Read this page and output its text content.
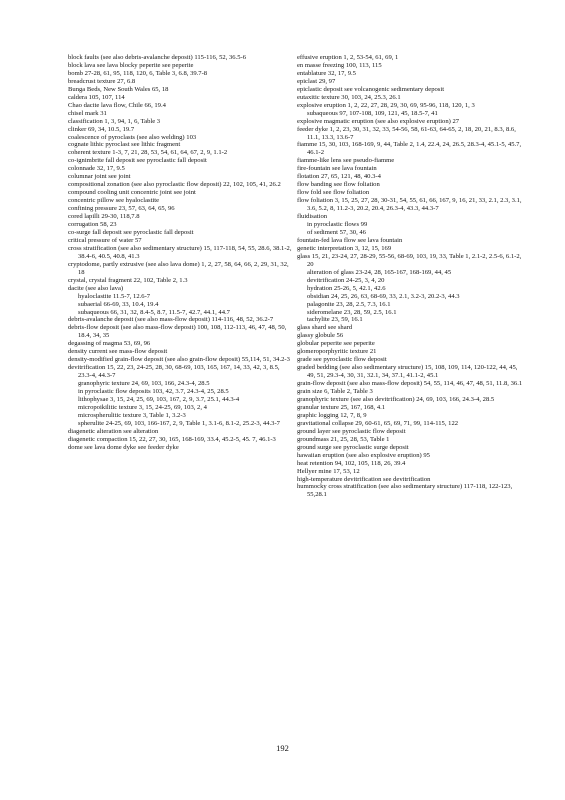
block faults (see also debris-avalanche deposit) 115-116, 52, 36.5-6

block lava see lava blocky peperite see peperite

bomb 27-28, 61, 95, 118, 120, 6, Table 3, 6.8, 39.7-8

breadcrust texture 27, 6.8

Bunga Beds, New South Wales 65, 18

caldera 105, 107, 114

Chao dacite lava flow, Chile 66, 19.4

chisel mark 31

classification 1, 3, 94, 1, 6, Table 3

clinker 69, 34, 10.5, 19.7

coalescence of pyroclasts (see also welding) 103

cognate lithic pyroclast see lithic fragment

coherent texture 1-3, 7, 21, 28, 53, 54, 61, 64, 67, 2, 9, 1.1-2

co-ignimbrite fall deposit see pyroclastic fall deposit

colonnade 32, 17, 9.5

columnar joint see joint

compositional zonation (see also pyroclastic flow deposit) 22, 102, 105, 41, 26.2

compound cooling unit concentric joint see joint

concentric pillow see hyaloclastite

confining pressure 23, 57, 63, 64, 65, 96

cored lapilli 29-30, 118,7.8

corrugation 58, 23

co-surge fall deposit see pyroclastic fall deposit

critical pressure of water 57

cross stratification (see also sedimentary structure) 15, 117-118, 54, 55, 28.6, 38.1-2, 38.4-6, 40.5, 40.8, 41.3

cryptodome, partly extrusive (see also lava dome) 1, 2, 27, 58, 64, 66, 2, 29, 31, 32, 18

crystal, crystal fragment 22, 102, Table 2, 1.3

dacite (see also lava)

hyaloclastite 11.5-7, 12.6-7

subaerial 66-69, 33, 10.4, 19.4

subaqueous 66, 31, 32, 8.4-5, 8.7, 11.5-7, 42.7, 44.1, 44.7

debris-avalanche deposit (see also mass-flow deposit) 114-116, 48, 52, 36.2-7

debris-flow deposit (see also mass-flow deposit) 100, 108, 112-113, 46, 47, 48, 50, 18.4, 34, 35

degassing of magma 53, 69, 96

density current see mass-flow deposit

density-modified grain-flow deposit (see also grain-flow deposit) 55,114, 51, 34.2-3

devitrification 15, 22, 23, 24-25, 28, 30, 68-69, 103, 165, 167, 14, 33, 42, 3, 8.5, 23.3-4, 44.3-7

granophyric texture 24, 69, 103, 166, 24.3-4, 28.5

in pyroclastic flow deposits 103, 42, 3.7, 24.3-4, 25, 28.5

lithophysae 3, 15, 24, 25, 69, 103, 167, 2, 9, 3.7, 25.1, 44.3-4

micropoikilitic texture 3, 15, 24-25, 69, 103, 2, 4

microspherulitic texture 3, Table 1, 3.2-3

spherulite 24-25, 69, 103, 166-167, 2, 9, Table 1, 3.1-6, 8.1-2, 25.2-3, 44.3-7

diagenetic alteration see alteration

diagenetic compaction 15, 22, 27, 30, 165, 168-169, 33.4, 45.2-5, 45. 7, 46.1-3

dome see lava dome dyke see feeder dyke

effusive eruption 1, 2, 53-54, 61, 69, 1

en masse freezing 100, 113, 115

entablature 32, 17, 9.5

epiclast 29, 97

epiclastic deposit see volcanogenic sedimentary deposit

eutaxitic texture 30, 103, 24, 25.3, 26.1

explosive eruption 1, 2, 22, 27, 28, 29, 30, 69, 95-96, 118, 120, 1, 3

subaqueous 97, 107-108, 109, 121, 45, 18.5-7, 41

explosive magmatic eruption (see also explosive eruption) 27

feeder dyke 1, 2, 23, 30, 31, 32, 33, 54-56, 58, 61-63, 64-65, 2, 18, 20, 21, 8.3, 8.6, 11.1, 13.3, 13.6-7

fiamme 15, 30, 103, 168-169, 9, 44, Table 2, 1.4, 22.4, 24, 26.5, 28.3-4, 45.1-5, 45.7, 46.1-2

fiamme-like lens see pseudo-fiamme

fire-fountain see lava fountain

flotation 27, 65, 121, 48, 40.3-4

flow banding see flow foliation

flow fold see flow foliation

flow foliation 3, 15, 25, 27, 28, 30-31, 54, 55, 61, 66, 167, 9, 16, 21, 33, 2.1, 2.3, 3.1, 3.6, 5.2, 8, 11.2-3, 20.2, 20.4, 26.3-4, 43.3, 44.3-7

fluidisation

in pyroclastic flows 99

of sediment 57, 30, 46

fountain-fed lava flow see lava fountain

genetic interpretation 3, 12, 15, 169

glass 15, 21, 23-24, 27, 28-29, 55-56, 68-69, 103, 19, 33, Table 1, 2.1-2, 2.5-6, 6.1-2, 20

alteration of glass 23-24, 28, 165-167, 168-169, 44, 45

devitrification 24-25, 3, 4, 20

hydration 25-26, 5, 42.1, 42.6

obsidian 24, 25, 26, 63, 68-69, 33, 2.1, 3.2-3, 20.2-3, 44.3

palagonite 23, 28, 2.5, 7.3, 16.1

sideromelane 23, 28, 59, 2.5, 16.1

tachylite 23, 59, 16.1

glass shard see shard

glassy globule 56

globular peperite see peperite

glomeroporphyritic texture 21

grade see pyroclastic flow deposit

graded bedding (see also sedimentary structure) 15, 108, 109, 114, 120-122, 44, 45, 49, 51, 29.3-4, 30, 31, 32.1, 34, 37.1, 41.1-2, 45.1

grain-flow deposit (see also mass-flow deposit) 54, 55, 114, 46, 47, 48, 51, 11.8, 36.1

grain size 6, Table 2, Table 3

granophyric texture (see also devitrification) 24, 69, 103, 166, 24.3-4, 28.5

granular texture 25, 167, 168, 4.1

graphic logging 12, 7, 8, 9

gravitational collapse 29, 60-61, 65, 69, 71, 99, 114-115, 122

ground layer see pyroclastic flow deposit

groundmass 21, 25, 28, 53, Table 1

ground surge see pyroclastic surge deposit

hawaiian eruption (see also explosive eruption) 95

heat retention 94, 102, 105, 118, 26, 39.4

Hellyer mine 17, 53, 12

high-temperature devitrification see devitrification

hummocky cross stratification (see also sedimentary structure) 117-118, 122-123, 55,28.1

192
